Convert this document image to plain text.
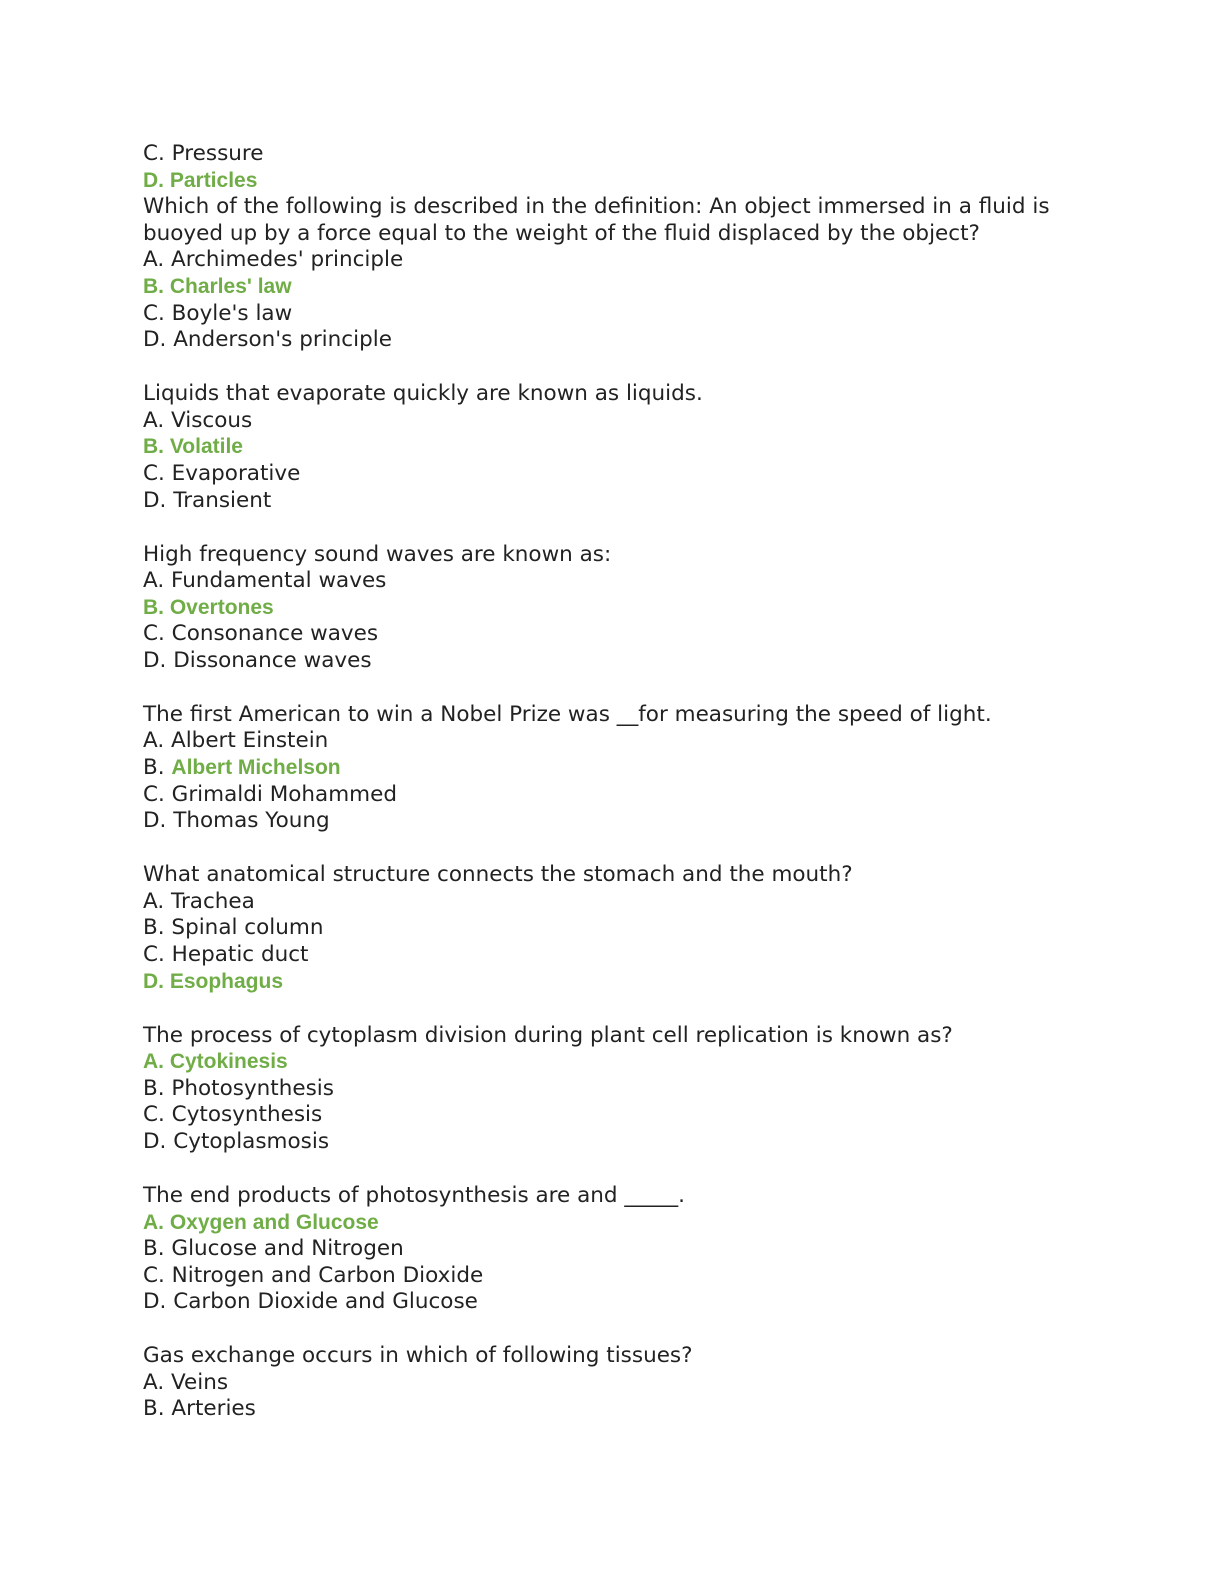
C. Pressure
D. Particles
Which of the following is described in the definition: An object immersed in a fluid is buoyed up by a force equal to the weight of the fluid displaced by the object?
A. Archimedes' principle
B. Charles' law
C. Boyle's law
D. Anderson's principle
Liquids that evaporate quickly are known as liquids.
A. Viscous
B. Volatile
C. Evaporative
D. Transient
High frequency sound waves are known as:
A. Fundamental waves
B. Overtones
C. Consonance waves
D. Dissonance waves
The first American to win a Nobel Prize was __for measuring the speed of light.
A. Albert Einstein
B. Albert Michelson
C. Grimaldi Mohammed
D. Thomas Young
What anatomical structure connects the stomach and the mouth?
A. Trachea
B. Spinal column
C. Hepatic duct
D. Esophagus
The process of cytoplasm division during plant cell replication is known as?
A. Cytokinesis
B. Photosynthesis
C. Cytosynthesis
D. Cytoplasmosis
The end products of photosynthesis are and _____.
A. Oxygen and Glucose
B. Glucose and Nitrogen
C. Nitrogen and Carbon Dioxide
D. Carbon Dioxide and Glucose
Gas exchange occurs in which of following tissues?
A. Veins
B. Arteries
